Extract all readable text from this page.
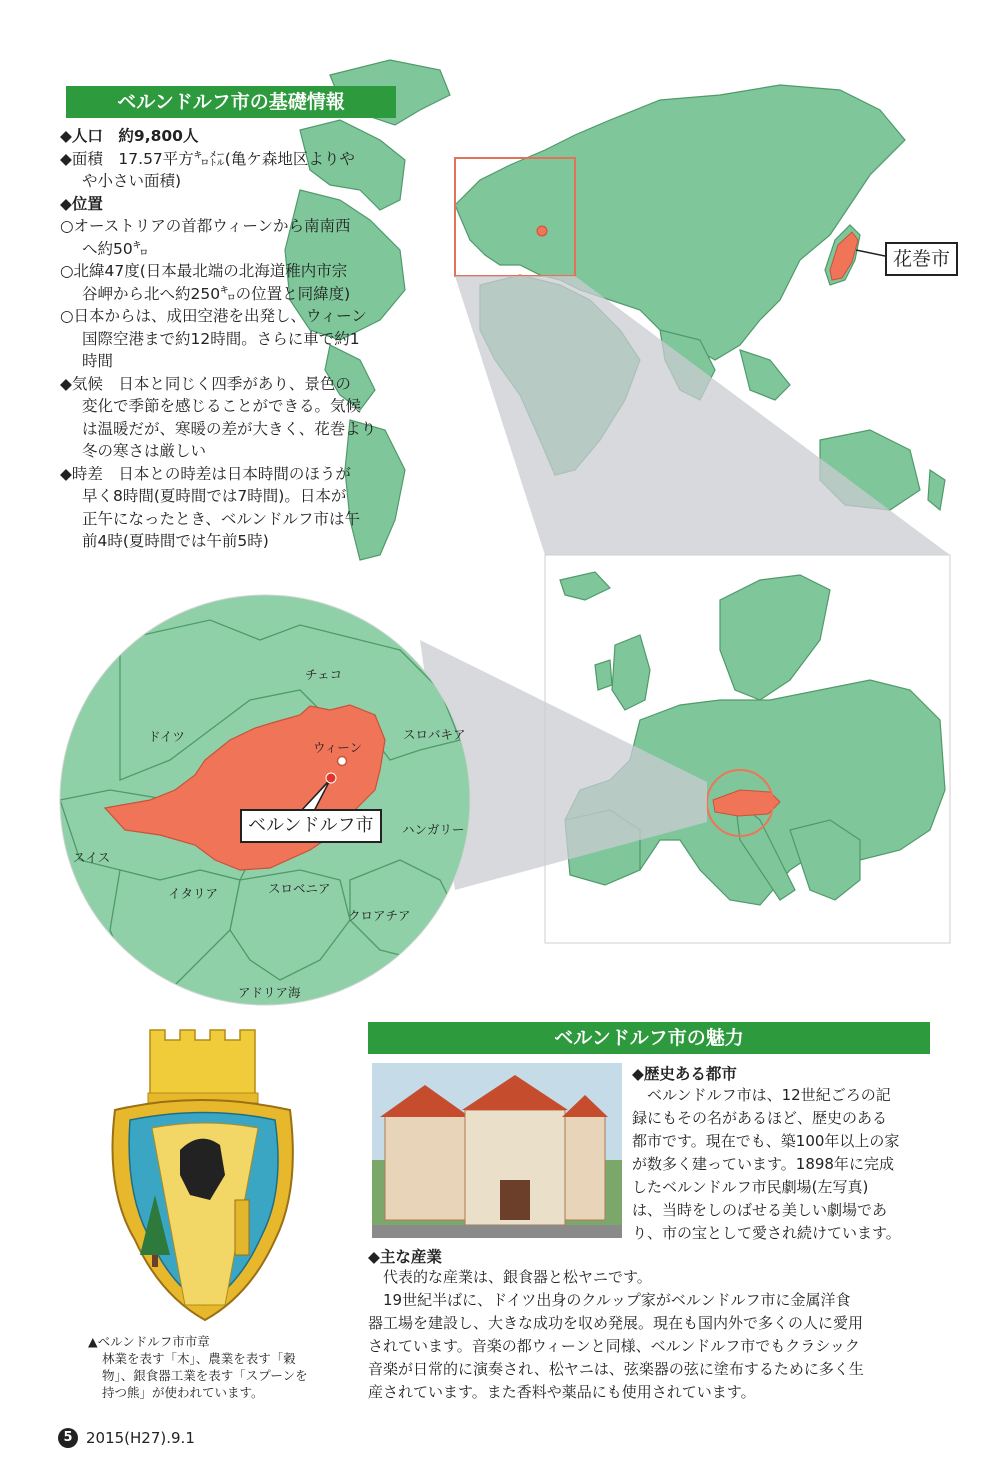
ベルンドルフ市の基礎情報
◆人口　約9,800人
◆面積　17.57平方㌔㍍(亀ケ森地区よりや
や小さい面積)
◆位置
○オーストリアの首都ウィーンから南南西
へ約50㌔
○北緯47度(日本最北端の北海道稚内市宗
谷岬から北へ約250㌔の位置と同緯度)
○日本からは、成田空港を出発し、ウィーン
国際空港まで約12時間。さらに車で約1
時間
◆気候　日本と同じく四季があり、景色の
変化で季節を感じることができる。気候
は温暖だが、寒暖の差が大きく、花巻より
冬の寒さは厳しい
◆時差　日本との時差は日本時間のほうが
早く8時間(夏時間では7時間)。日本が
正午になったとき、ベルンドルフ市は午
前4時(夏時間では午前5時)
花巻市
チェコ
ドイツ
ウィーン
スロバキア
ベルンドルフ市	ハンガリー
スイス
イタリア	スロベニア
クロアチア
アドリア海
ベルンドルフ市の魅力
◆歴史ある都市
　ベルンドルフ市は、12世紀ごろの記
録にもその名があるほど、歴史のある
都市です。現在でも、築100年以上の家
が数多く建っています。1898年に完成
したベルンドルフ市民劇場(左写真)
は、当時をしのばせる美しい劇場であ
り、市の宝として愛され続けています。
◆主な産業
　代表的な産業は、銀食器と松ヤニです。
　19世紀半ばに、ドイツ出身のクルップ家がベルンドルフ市に金属洋食
器工場を建設し、大きな成功を収め発展。現在も国内外で多くの人に愛用
されています。音楽の都ウィーンと同様、ベルンドルフ市でもクラシック
音楽が日常的に演奏され、松ヤニは、弦楽器の弦に塗布するために多く生
産されています。また香料や薬品にも使用されています。
▲ベルンドルフ市市章
林業を表す「木」、農業を表す「穀
物」、銀食器工業を表す「スプーンを
持つ熊」が使われています。
5 2015(H27).9.1
